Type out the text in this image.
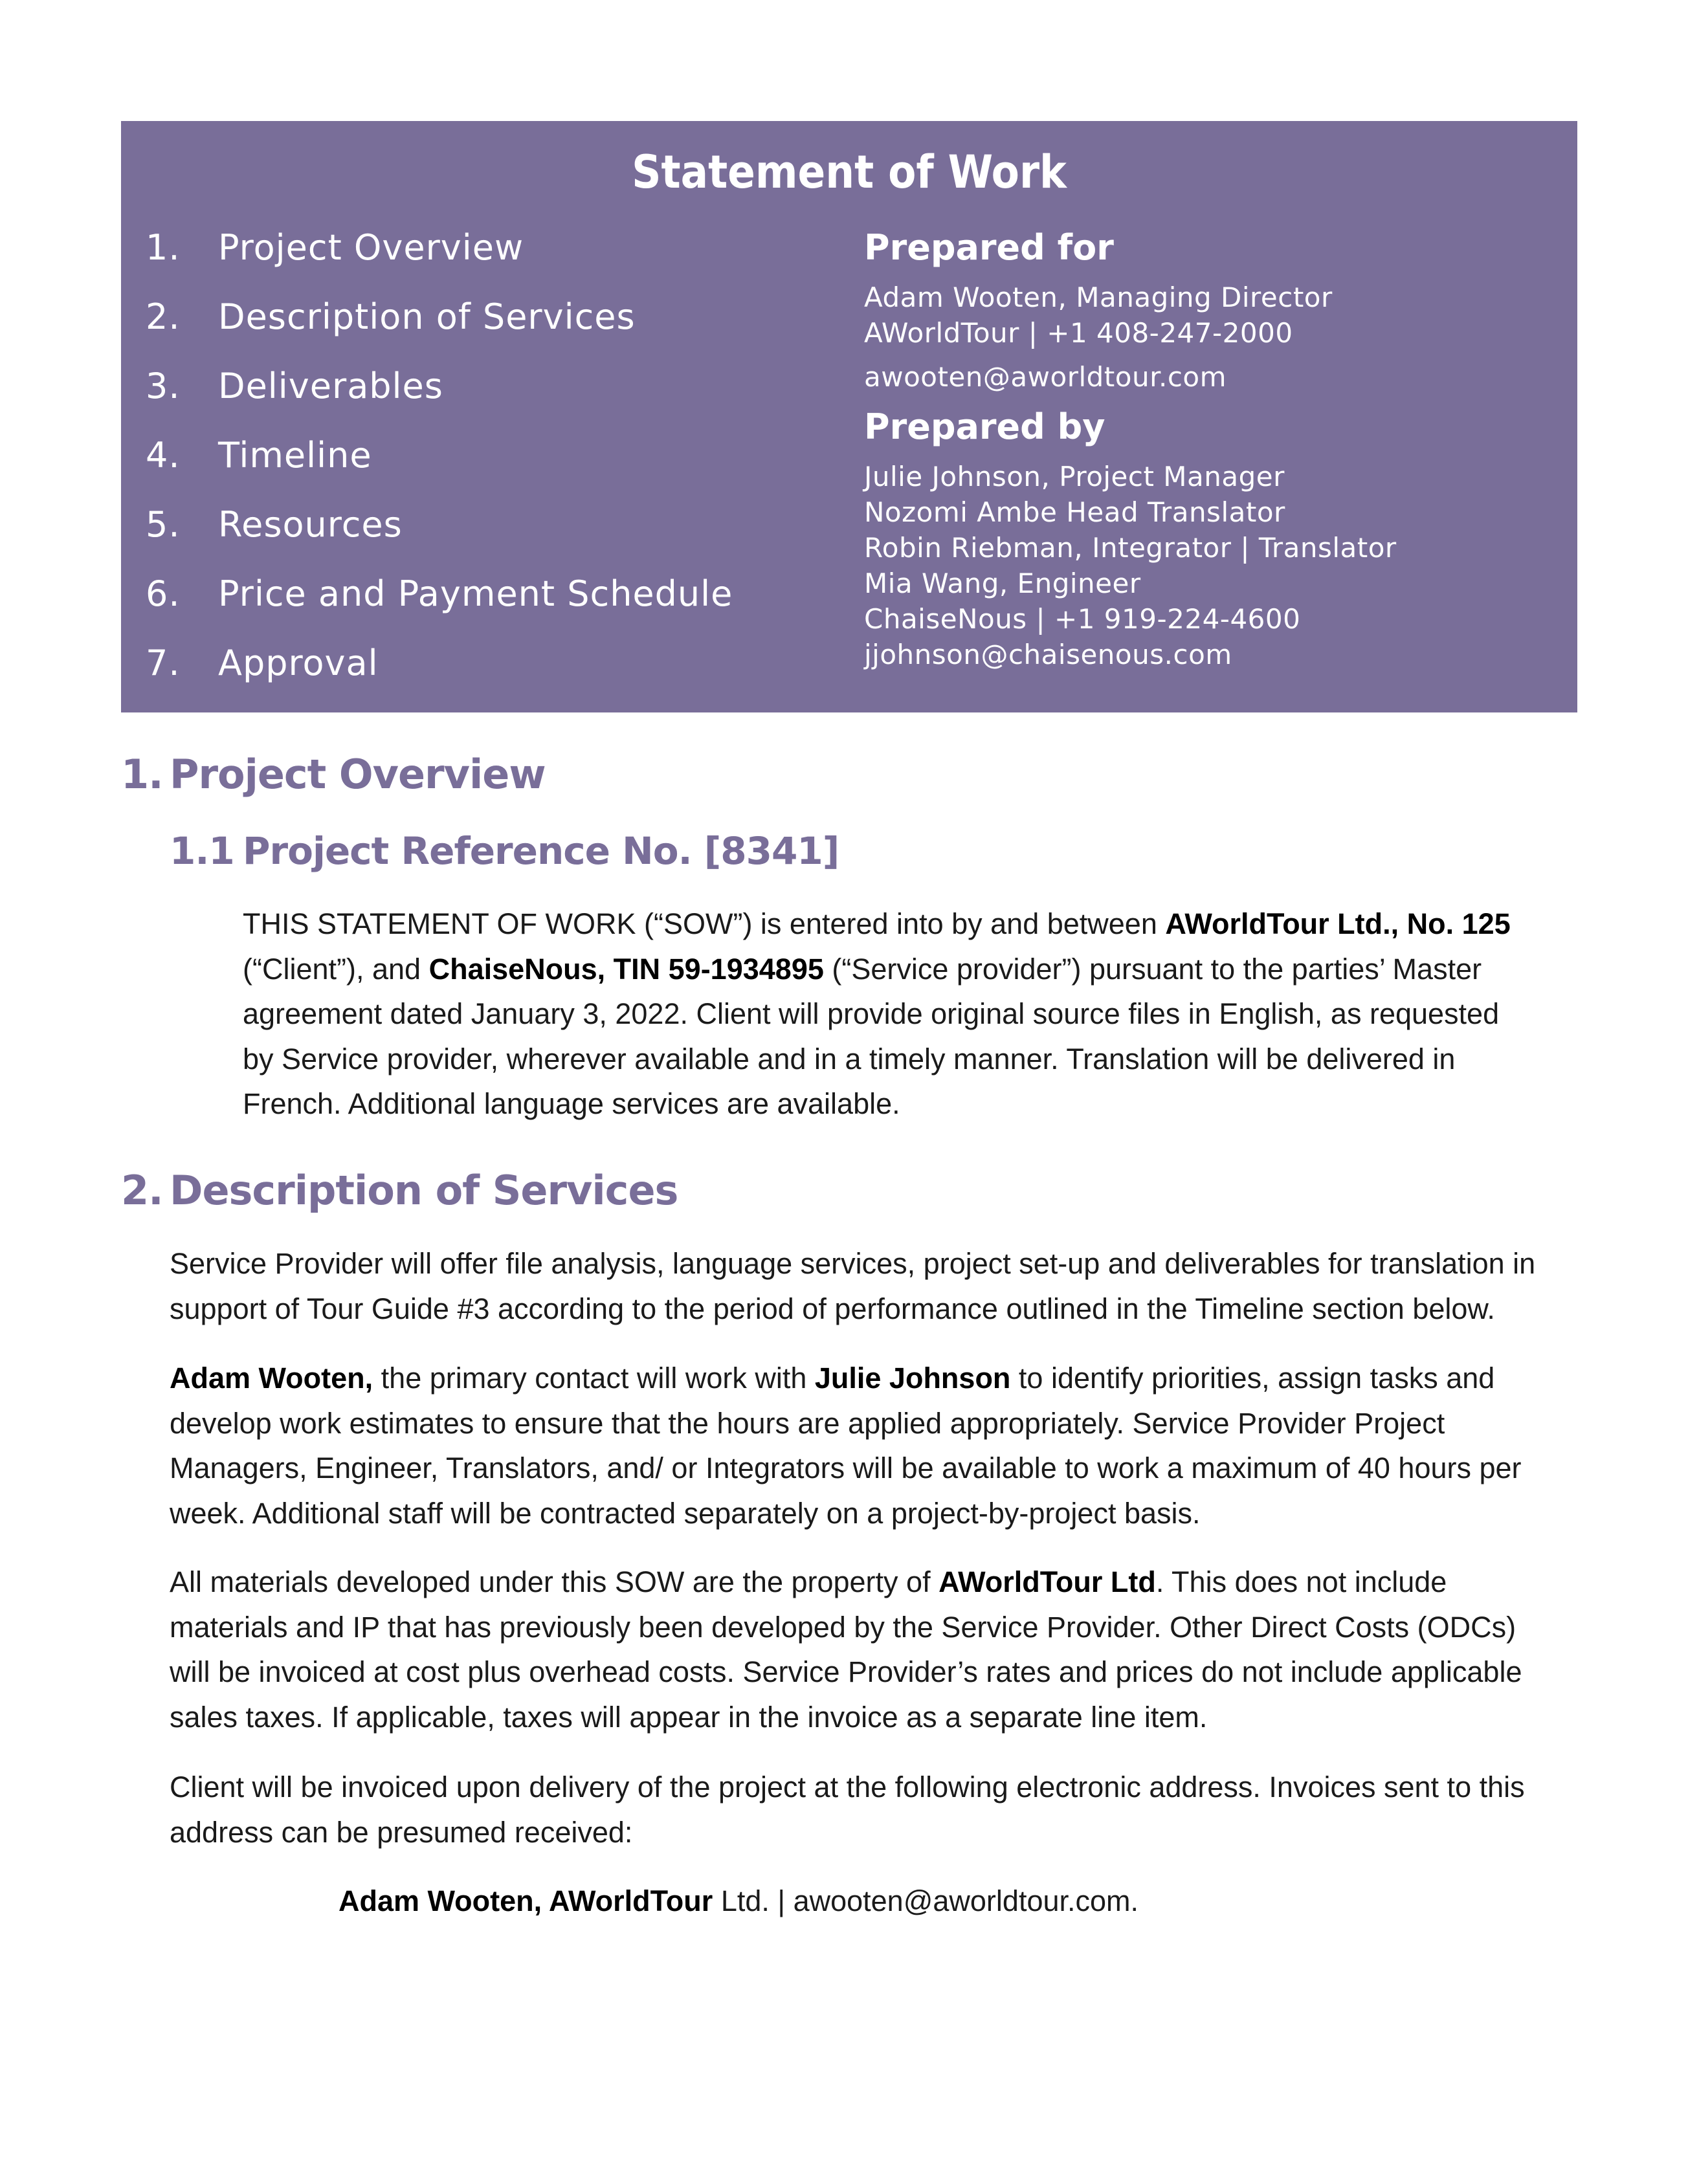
Statement of Work
1.	Project Overview
2.	Description of Services
3.	Deliverables
4.	Timeline
5.	Resources
6.	Price and Payment Schedule
7.	Approval
Prepared for
Adam Wooten, Managing Director
AWorldTour | +1 408-247-2000
awooten@aworldtour.com
Prepared by
Julie Johnson, Project Manager
Nozomi Ambe Head Translator
Robin Riebman, Integrator | Translator
Mia Wang, Engineer
ChaiseNous | +1 919-224-4600
jjohnson@chaisenous.com
1. Project Overview
1.1 Project Reference No. [8341]

THIS STATEMENT OF WORK (“SOW”) is entered into by and between AWorldTour Ltd., No. 125 (“Client”), and ChaiseNous, TIN 59-1934895 (“Service provider”) pursuant to the parties’ Master agreement dated January 3, 2022. Client will provide original source files in English, as requested by Service provider, wherever available and in a timely manner. Translation will be delivered in French. Additional language services are available.

2. Description of Services

Service Provider will offer file analysis, language services, project set-up and deliverables for translation in support of Tour Guide #3 according to the period of performance outlined in the Timeline section below.

Adam Wooten, the primary contact will work with Julie Johnson to identify priorities, assign tasks and develop work estimates to ensure that the hours are applied appropriately. Service Provider Project Managers, Engineer, Translators, and/ or Integrators will be available to work a maximum of 40 hours per week. Additional staff will be contracted separately on a project-by-project basis.

All materials developed under this SOW are the property of AWorldTour Ltd. This does not include materials and IP that has previously been developed by the Service Provider. Other Direct Costs (ODCs) will be invoiced at cost plus overhead costs. Service Provider’s rates and prices do not include applicable sales taxes. If applicable, taxes will appear in the invoice as a separate line item.

Client will be invoiced upon delivery of the project at the following electronic address. Invoices sent to this address can be presumed received:

Adam Wooten, AWorldTour Ltd. | awooten@aworldtour.com.
